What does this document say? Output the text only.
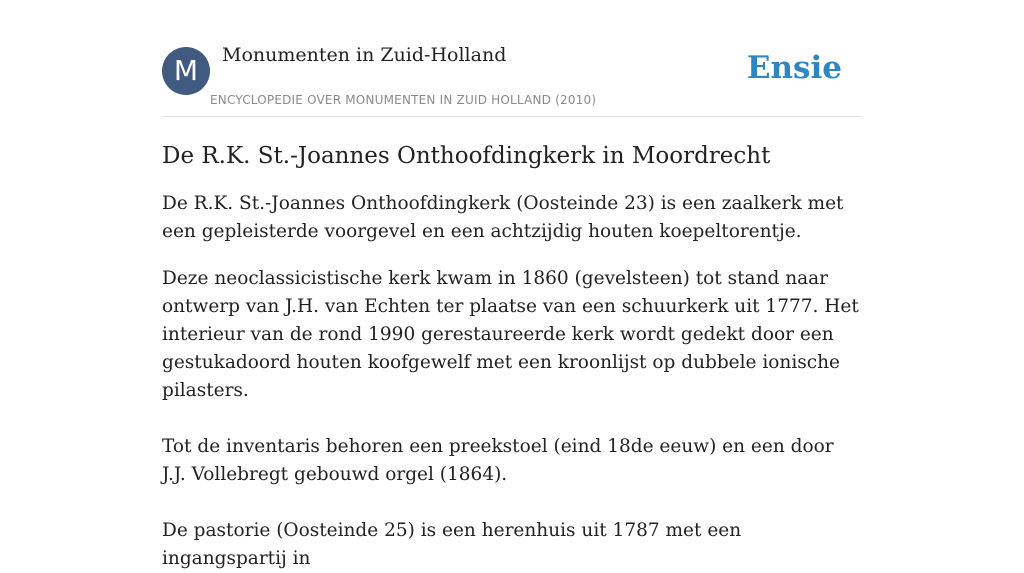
M	Monumenten in Zuid-Holland
ENCYCLOPEDIE OVER MONUMENTEN IN ZUID HOLLAND (2010)
Ensie
De R.K. St.-Joannes Onthoofdingkerk in Moordrecht

De R.K. St.-Joannes Onthoofdingkerk (Oosteinde 23) is een zaalkerk met een gepleisterde voorgevel en een achtzijdig houten koepeltorentje.

Deze neoclassicistische kerk kwam in 1860 (gevelsteen) tot stand naar ontwerp van J.H. van Echten ter plaatse van een schuurkerk uit 1777. Het interieur van de rond 1990 gerestaureerde kerk wordt gedekt door een gestukadoord houten koofgewelf met een kroonlijst op dubbele ionische pilasters.

Tot de inventaris behoren een preekstoel (eind 18de eeuw) en een door J.J. Vollebregt gebouwd orgel (1864).

De pastorie (Oosteinde 25) is een herenhuis uit 1787 met een ingangspartij in
